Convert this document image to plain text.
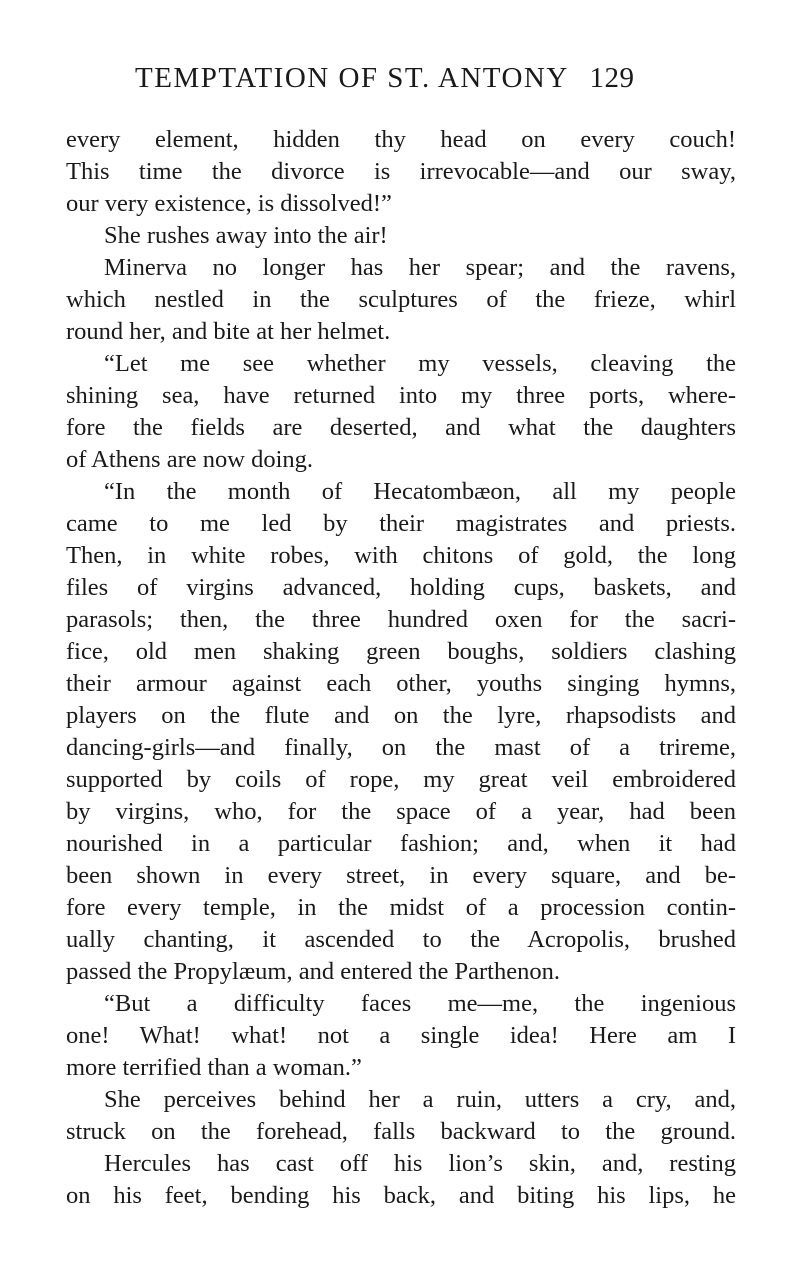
TEMPTATION OF ST. ANTONY 129
every element, hidden thy head on every couch!
This time the divorce is irrevocable—and our sway,
our very existence, is dissolved!”
She rushes away into the air!
Minerva no longer has her spear; and the ravens,
which nestled in the sculptures of the frieze, whirl
round her, and bite at her helmet.
“Let me see whether my vessels, cleaving the
shining sea, have returned into my three ports, where-
fore the fields are deserted, and what the daughters
of Athens are now doing.
“In the month of Hecatombæon, all my people
came to me led by their magistrates and priests.
Then, in white robes, with chitons of gold, the long
files of virgins advanced, holding cups, baskets, and
parasols; then, the three hundred oxen for the sacri-
fice, old men shaking green boughs, soldiers clashing
their armour against each other, youths singing hymns,
players on the flute and on the lyre, rhapsodists and
dancing-girls—and finally, on the mast of a trireme,
supported by coils of rope, my great veil embroidered
by virgins, who, for the space of a year, had been
nourished in a particular fashion; and, when it had
been shown in every street, in every square, and be-
fore every temple, in the midst of a procession contin-
ually chanting, it ascended to the Acropolis, brushed
passed the Propylæum, and entered the Parthenon.
“But a difficulty faces me—me, the ingenious
one! What! what! not a single idea! Here am I
more terrified than a woman.”
She perceives behind her a ruin, utters a cry, and,
struck on the forehead, falls backward to the ground.
Hercules has cast off his lion’s skin, and, resting
on his feet, bending his back, and biting his lips, he
